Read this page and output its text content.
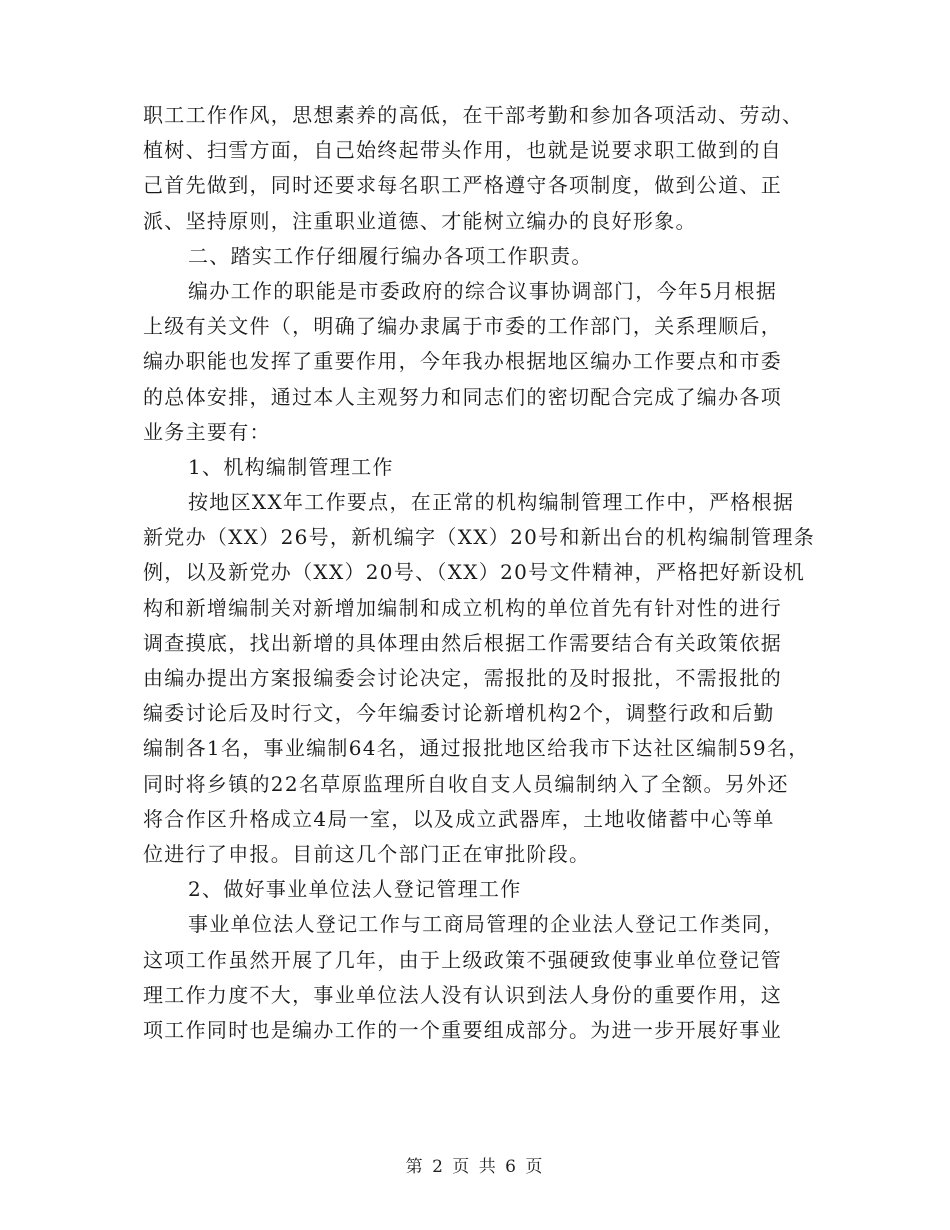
职工工作作风，思想素养的高低，在干部考勤和参加各项活动、劳动、
植树、扫雪方面，自己始终起带头作用，也就是说要求职工做到的自
己首先做到，同时还要求每名职工严格遵守各项制度，做到公道、正
派、坚持原则，注重职业道德、才能树立编办的良好形象。
二、踏实工作仔细履行编办各项工作职责。
编办工作的职能是市委政府的综合议事协调部门，今年5月根据
上级有关文件（，明确了编办隶属于市委的工作部门，关系理顺后，
编办职能也发挥了重要作用，今年我办根据地区编办工作要点和市委
的总体安排，通过本人主观努力和同志们的密切配合完成了编办各项
业务主要有：
1、机构编制管理工作
按地区XX年工作要点，在正常的机构编制管理工作中，严格根据
新党办（XX）26号，新机编字（XX）20号和新出台的机构编制管理条
例，以及新党办（XX）20号、（XX）20号文件精神，严格把好新设机
构和新增编制关对新增加编制和成立机构的单位首先有针对性的进行
调查摸底，找出新增的具体理由然后根据工作需要结合有关政策依据
由编办提出方案报编委会讨论决定，需报批的及时报批，不需报批的
编委讨论后及时行文，今年编委讨论新增机构2个，调整行政和后勤
编制各1名，事业编制64名，通过报批地区给我市下达社区编制59名，
同时将乡镇的22名草原监理所自收自支人员编制纳入了全额。另外还
将合作区升格成立4局一室，以及成立武器库，土地收储蓄中心等单
位进行了申报。目前这几个部门正在审批阶段。
2、做好事业单位法人登记管理工作
事业单位法人登记工作与工商局管理的企业法人登记工作类同，
这项工作虽然开展了几年，由于上级政策不强硬致使事业单位登记管
理工作力度不大，事业单位法人没有认识到法人身份的重要作用，这
项工作同时也是编办工作的一个重要组成部分。为进一步开展好事业
第 2 页 共 6 页
